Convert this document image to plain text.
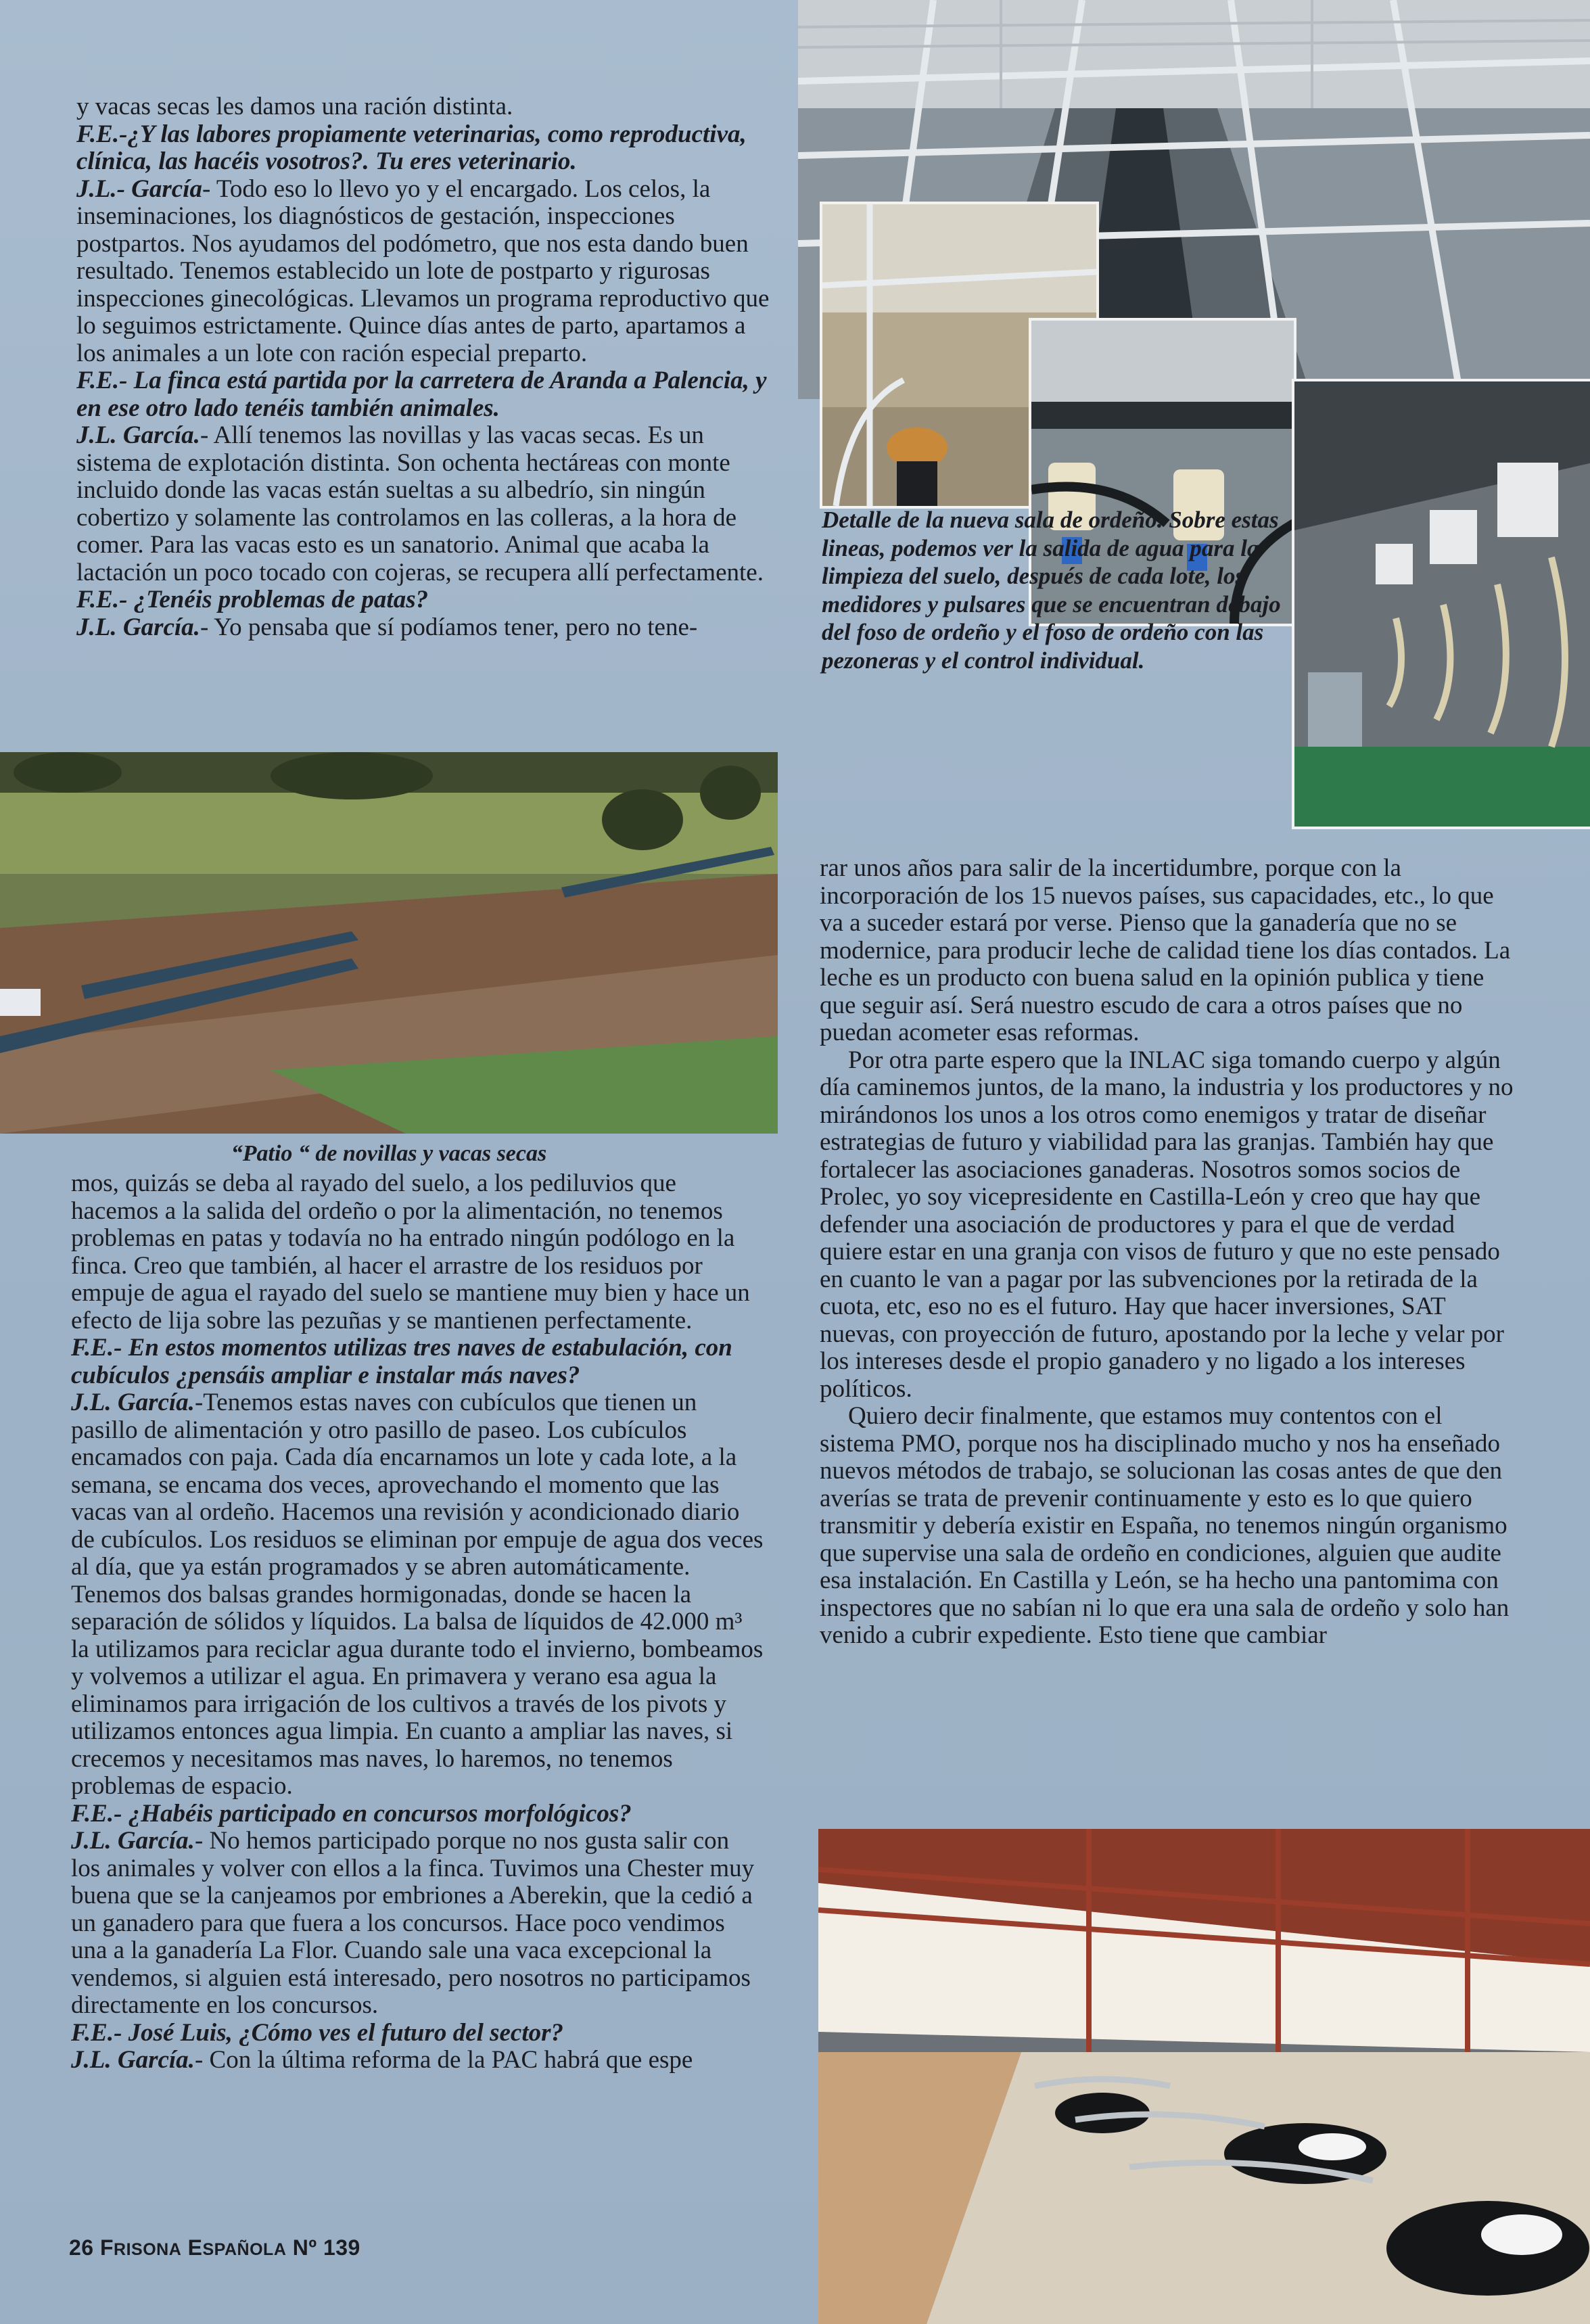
y vacas secas les damos una ración distinta.

F.E.-¿Y las labores propiamente veterinarias, como reproductiva, clínica, las hacéis vosotros?. Tu eres veterinario.

J.L.- García- Todo eso lo llevo yo y el encargado. Los celos, la inseminaciones, los diagnósticos de gestación, inspecciones postpartos. Nos ayudamos del podómetro, que nos esta dando buen resultado. Tenemos establecido un lote de postparto y rigurosas inspecciones ginecológicas. Llevamos un programa reproductivo que lo seguimos estrictamente. Quince días antes de parto, apartamos a los animales a un lote con ración especial preparto.

F.E.- La finca está partida por la carretera de Aranda a Palencia, y en ese otro lado tenéis también animales.

J.L. García.- Allí tenemos las novillas y las vacas secas. Es un sistema de explotación distinta. Son ochenta hectáreas con monte incluido donde las vacas están sueltas a su albedrío, sin ningún cobertizo y solamente las controlamos en las colleras, a la hora de comer. Para las vacas esto es un sanatorio. Animal que acaba la lactación un poco tocado con cojeras, se recupera allí perfectamente.

F.E.- ¿Tenéis problemas de patas?

J.L. García.- Yo pensaba que sí podíamos tener, pero no tene-

“Patio “ de novillas y vacas secas

mos, quizás se deba al rayado del suelo, a los pediluvios que hacemos a la salida del ordeño o por la alimentación, no tenemos problemas en patas y todavía no ha entrado ningún podólogo en la finca. Creo que también, al hacer el arrastre de los residuos por empuje de agua el rayado del suelo se mantiene muy bien y hace un efecto de lija sobre las pezuñas y se mantienen perfectamente.

F.E.- En estos momentos utilizas tres naves de estabulación, con cubículos ¿pensáis ampliar e instalar más naves?

J.L. García.-Tenemos estas naves con cubículos que tienen un pasillo de alimentación y otro pasillo de paseo. Los cubículos encamados con paja. Cada día encarnamos un lote y cada lote, a la semana, se encama dos veces, aprovechando el momento que las vacas van al ordeño. Hacemos una revisión y acondicionado diario de cubículos. Los residuos se eliminan por empuje de agua dos veces al día, que ya están programados y se abren automáticamente. Tenemos dos balsas grandes hormigonadas, donde se hacen la separación de sólidos y líquidos. La balsa de líquidos de 42.000 m³ la utilizamos para reciclar agua durante todo el invierno, bombeamos y volvemos a utilizar el agua. En primavera y verano esa agua la eliminamos para irrigación de los cultivos a través de los pivots y utilizamos entonces agua limpia. En cuanto a ampliar las naves, si crecemos y necesitamos mas naves, lo haremos, no tenemos problemas de espacio.

F.E.- ¿Habéis participado en concursos morfológicos?

J.L. García.- No hemos participado porque no nos gusta salir con los animales y volver con ellos a la finca. Tuvimos una Chester muy buena que se la canjeamos por embriones a Aberekin, que la cedió a un ganadero para que fuera a los concursos. Hace poco vendimos una a la ganadería La Flor. Cuando sale una vaca excepcional la vendemos, si alguien está interesado, pero nosotros no participamos directamente en los concursos.

F.E.- José Luis, ¿Cómo ves el futuro del sector?

J.L. García.- Con la última reforma de la PAC habrá que espe

Detalle de la nueva sala de ordeño. Sobre estas lineas, podemos ver la salida de agua para la limpieza del suelo, después de cada lote, los medidores y pulsares que se encuentran debajo del foso de ordeño y el foso de ordeño con las pezoneras y el control individual.

rar unos años para salir de la incertidumbre, porque con la incorporación de los 15 nuevos países, sus capacidades, etc., lo que va a suceder estará por verse. Pienso que la ganadería que no se modernice, para producir leche de calidad tiene los días contados. La leche es un producto con buena salud en la opinión publica y tiene que seguir así. Será nuestro escudo de cara a otros países que no puedan acometer esas reformas.

Por otra parte espero que la INLAC siga tomando cuerpo y algún día caminemos juntos, de la mano, la industria y los productores y no mirándonos los unos a los otros como enemigos y tratar de diseñar estrategias de futuro y viabilidad para las granjas. También hay que fortalecer las asociaciones ganaderas. Nosotros somos socios de Prolec, yo soy vicepresidente en Castilla-León y creo que hay que defender una asociación de productores y para el que de verdad quiere estar en una granja con visos de futuro y que no este pensado en cuanto le van a pagar por las subvenciones por la retirada de la cuota, etc, eso no es el futuro. Hay que hacer inversiones, SAT nuevas, con proyección de futuro, apostando por la leche y velar por los intereses desde el propio ganadero y no ligado a los intereses políticos.

Quiero decir finalmente, que estamos muy contentos con el sistema PMO, porque nos ha disciplinado mucho y nos ha enseñado nuevos métodos de trabajo, se solucionan las cosas antes de que den averías se trata de prevenir continuamente y esto es lo que quiero transmitir y debería existir en España, no tenemos ningún organismo que supervise una sala de ordeño en condiciones, alguien que audite esa instalación. En Castilla y León, se ha hecho una pantomima con inspectores que no sabían ni lo que era una sala de ordeño y solo han venido a cubrir expediente. Esto tiene que cambiar

26 FRISONA ESPAÑOLA Nº 139
